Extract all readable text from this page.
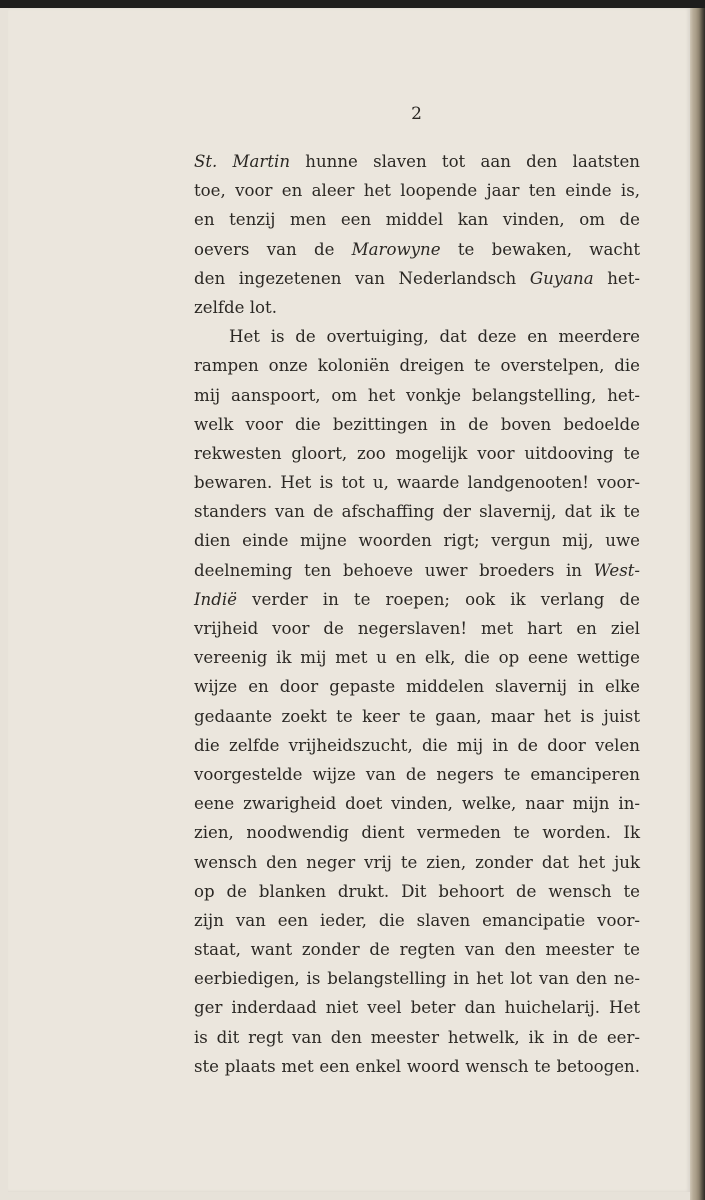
2
St. Martin hunne slaven tot aan den laatsten
toe, voor en aleer het loopende jaar ten einde is,
en tenzij men een middel kan vinden, om de
oevers van de Marowyne te bewaken, wacht
den ingezetenen van Nederlandsch Guyana het-
zelfde lot.
Het is de overtuiging, dat deze en meerdere
rampen onze koloniën dreigen te overstelpen, die
mij aanspoort, om het vonkje belangstelling, het-
welk voor die bezittingen in de boven bedoelde
rekwesten gloort, zoo mogelijk voor uitdooving te
bewaren. Het is tot u, waarde landgenooten! voor-
standers van de afschaffing der slavernij, dat ik te
dien einde mijne woorden rigt; vergun mij, uwe
deelneming ten behoeve uwer broeders in West-
Indië verder in te roepen; ook ik verlang de
vrijheid voor de negerslaven! met hart en ziel
vereenig ik mij met u en elk, die op eene wettige
wijze en door gepaste middelen slavernij in elke
gedaante zoekt te keer te gaan, maar het is juist
die zelfde vrijheidszucht, die mij in de door velen
voorgestelde wijze van de negers te emanciperen
eene zwarigheid doet vinden, welke, naar mijn in-
zien, noodwendig dient vermeden te worden. Ik
wensch den neger vrij te zien, zonder dat het juk
op de blanken drukt. Dit behoort de wensch te
zijn van een ieder, die slaven emancipatie voor-
staat, want zonder de regten van den meester te
eerbiedigen, is belangstelling in het lot van den ne-
ger inderdaad niet veel beter dan huichelarij. Het
is dit regt van den meester hetwelk, ik in de eer-
ste plaats met een enkel woord wensch te betoogen.
